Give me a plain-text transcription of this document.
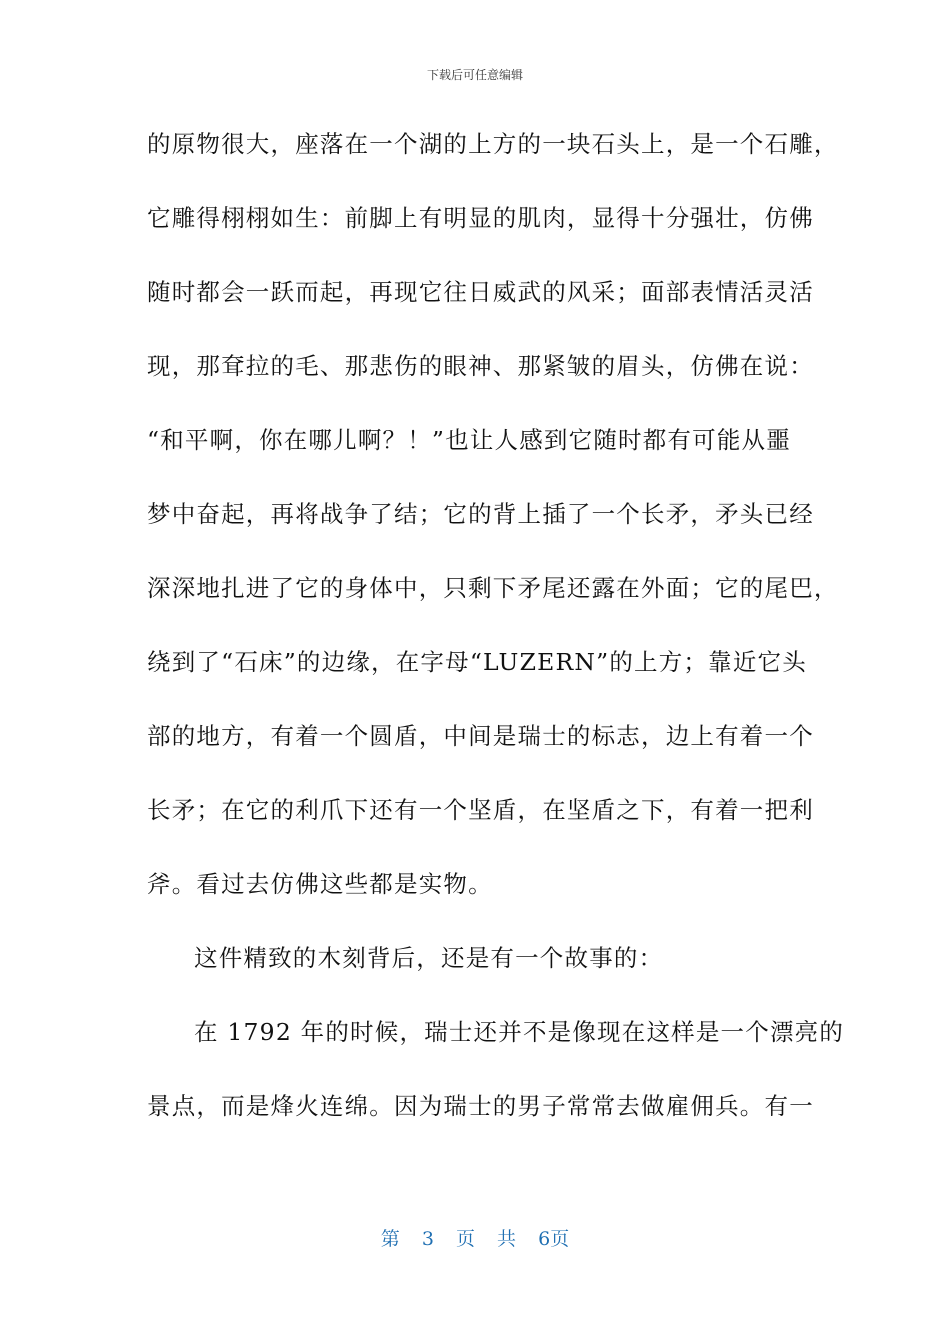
下载后可任意编辑
的原物很大，座落在一个湖的上方的一块石头上，是一个石雕，
它雕得栩栩如生：前脚上有明显的肌肉，显得十分强壮，仿佛
随时都会一跃而起，再现它往日威武的风采；面部表情活灵活
现，那耷拉的毛、那悲伤的眼神、那紧皱的眉头，仿佛在说：
“和平啊，你在哪儿啊？！”也让人感到它随时都有可能从噩
梦中奋起，再将战争了结；它的背上插了一个长矛，矛头已经
深深地扎进了它的身体中，只剩下矛尾还露在外面；它的尾巴，
绕到了“石床”的边缘，在字母“LUZERN”的上方；靠近它头
部的地方，有着一个圆盾，中间是瑞士的标志，边上有着一个
长矛；在它的利爪下还有一个坚盾，在坚盾之下，有着一把利
斧。看过去仿佛这些都是实物。
这件精致的木刻背后，还是有一个故事的：
在 1792 年的时候，瑞士还并不是像现在这样是一个漂亮的
景点，而是烽火连绵。因为瑞士的男子常常去做雇佣兵。有一
第 3 页 共 6页
